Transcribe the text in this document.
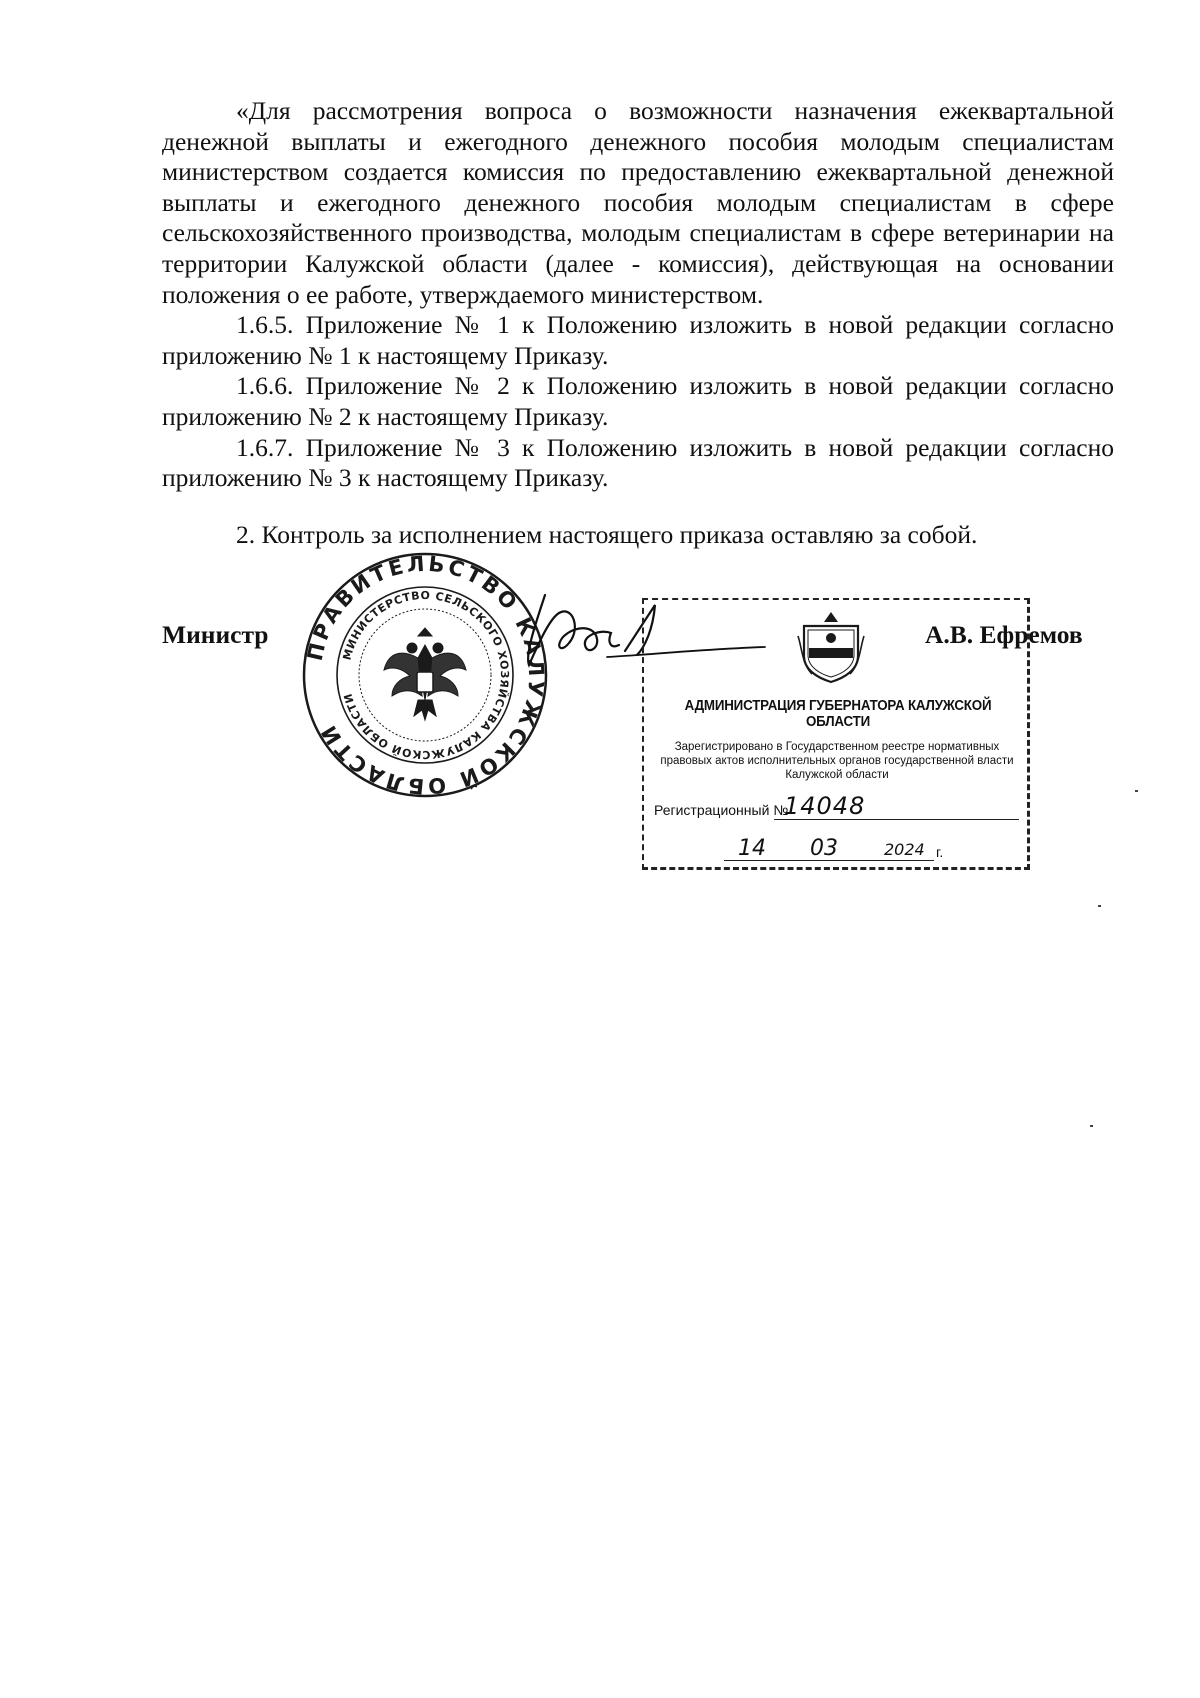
«Для рассмотрения вопроса о возможности назначения ежеквартальной денежной выплаты и ежегодного денежного пособия молодым специалистам министерством создается комиссия по предоставлению ежеквартальной денежной выплаты и ежегодного денежного пособия молодым специалистам в сфере сельскохозяйственного производства, молодым специалистам в сфере ветеринарии на территории Калужской области (далее - комиссия), действующая на основании положения о ее работе, утверждаемого министерством.

1.6.5. Приложение № 1 к Положению изложить в новой редакции согласно приложению № 1 к настоящему Приказу.

1.6.6. Приложение № 2 к Положению изложить в новой редакции согласно приложению № 2 к настоящему Приказу.

1.6.7. Приложение № 3 к Положению изложить в новой редакции согласно приложению № 3 к настоящему Приказу.

2. Контроль за исполнением настоящего приказа оставляю за собой.

Министр	А.В. Ефремов
ПРАВИТЕЛЬСТВО КАЛУЖСКОЙ ОБЛАСТИ
МИНИСТЕРСТВО СЕЛЬСКОГО ХОЗЯЙСТВА КАЛУЖСКОЙ ОБЛАСТИ	АДМИНИСТРАЦИЯ ГУБЕРНАТОРА КАЛУЖСКОЙ ОБЛАСТИ
Зарегистрировано в Государственном реестре нормативных правовых актов исполнительных органов государственной власти Калужской области
Регистрационный №
14048
14 03	2024 г.
